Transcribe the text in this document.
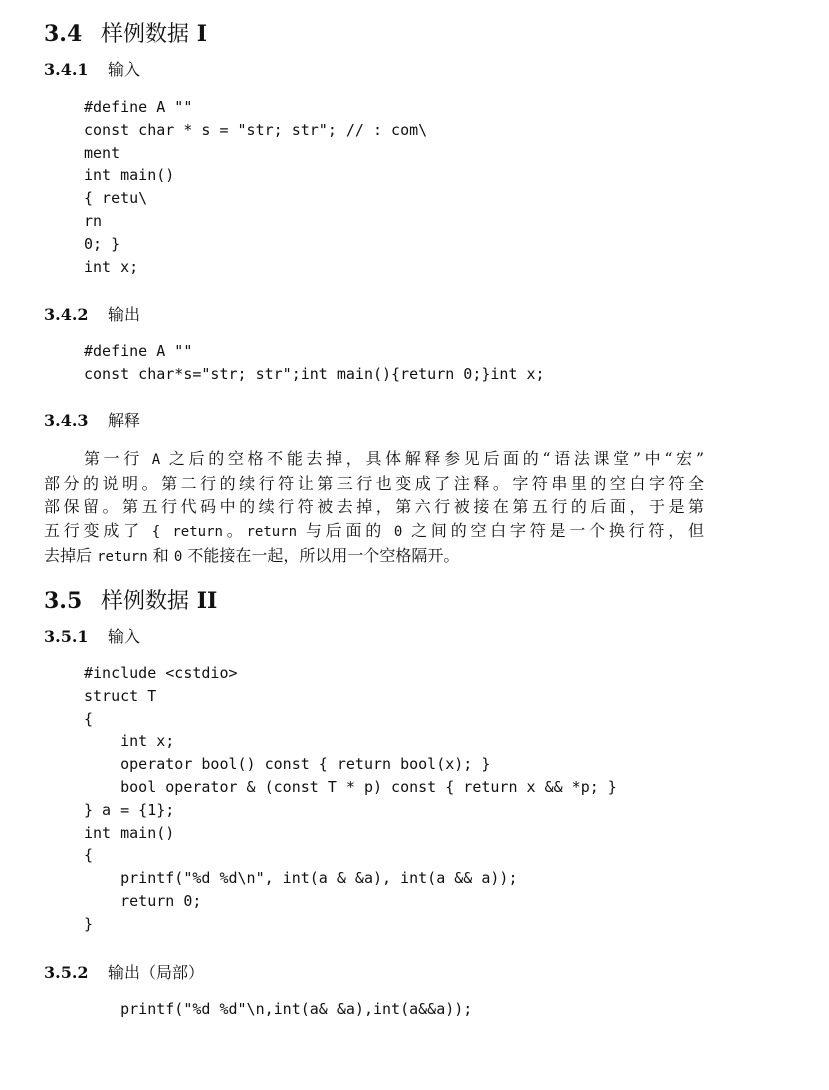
3.4 样例数据 I
3.4.1 输入
#define A ""
const char * s = "str; str"; // : com\
ment
int main()
{ retu\
rn
0; }
int x;
3.4.2 输出
#define A ""
const char*s="str; str";int main(){return 0;}int x;
3.4.3 解释
第一行 A 之后的空格不能去掉，具体解释参见后面的“语法课堂”中“宏”
部分的说明。第二行的续行符让第三行也变成了注释。字符串里的空白字符全
部保留。第五行代码中的续行符被去掉，第六行被接在第五行的后面，于是第
五行变成了 { return。return 与后面的 0 之间的空白字符是一个换行符，但
去掉后 return 和 0 不能接在一起，所以用一个空格隔开。
3.5 样例数据 II
3.5.1 输入
#include <cstdio>
struct T
{
int x;
operator bool() const { return bool(x); }
bool operator & (const T * p) const { return x && *p; }
} a = {1};
int main()
{
printf("%d %d\n", int(a & &a), int(a && a));
return 0;
}
3.5.2 输出（局部）
printf("%d %d"\n,int(a& &a),int(a&&a));
